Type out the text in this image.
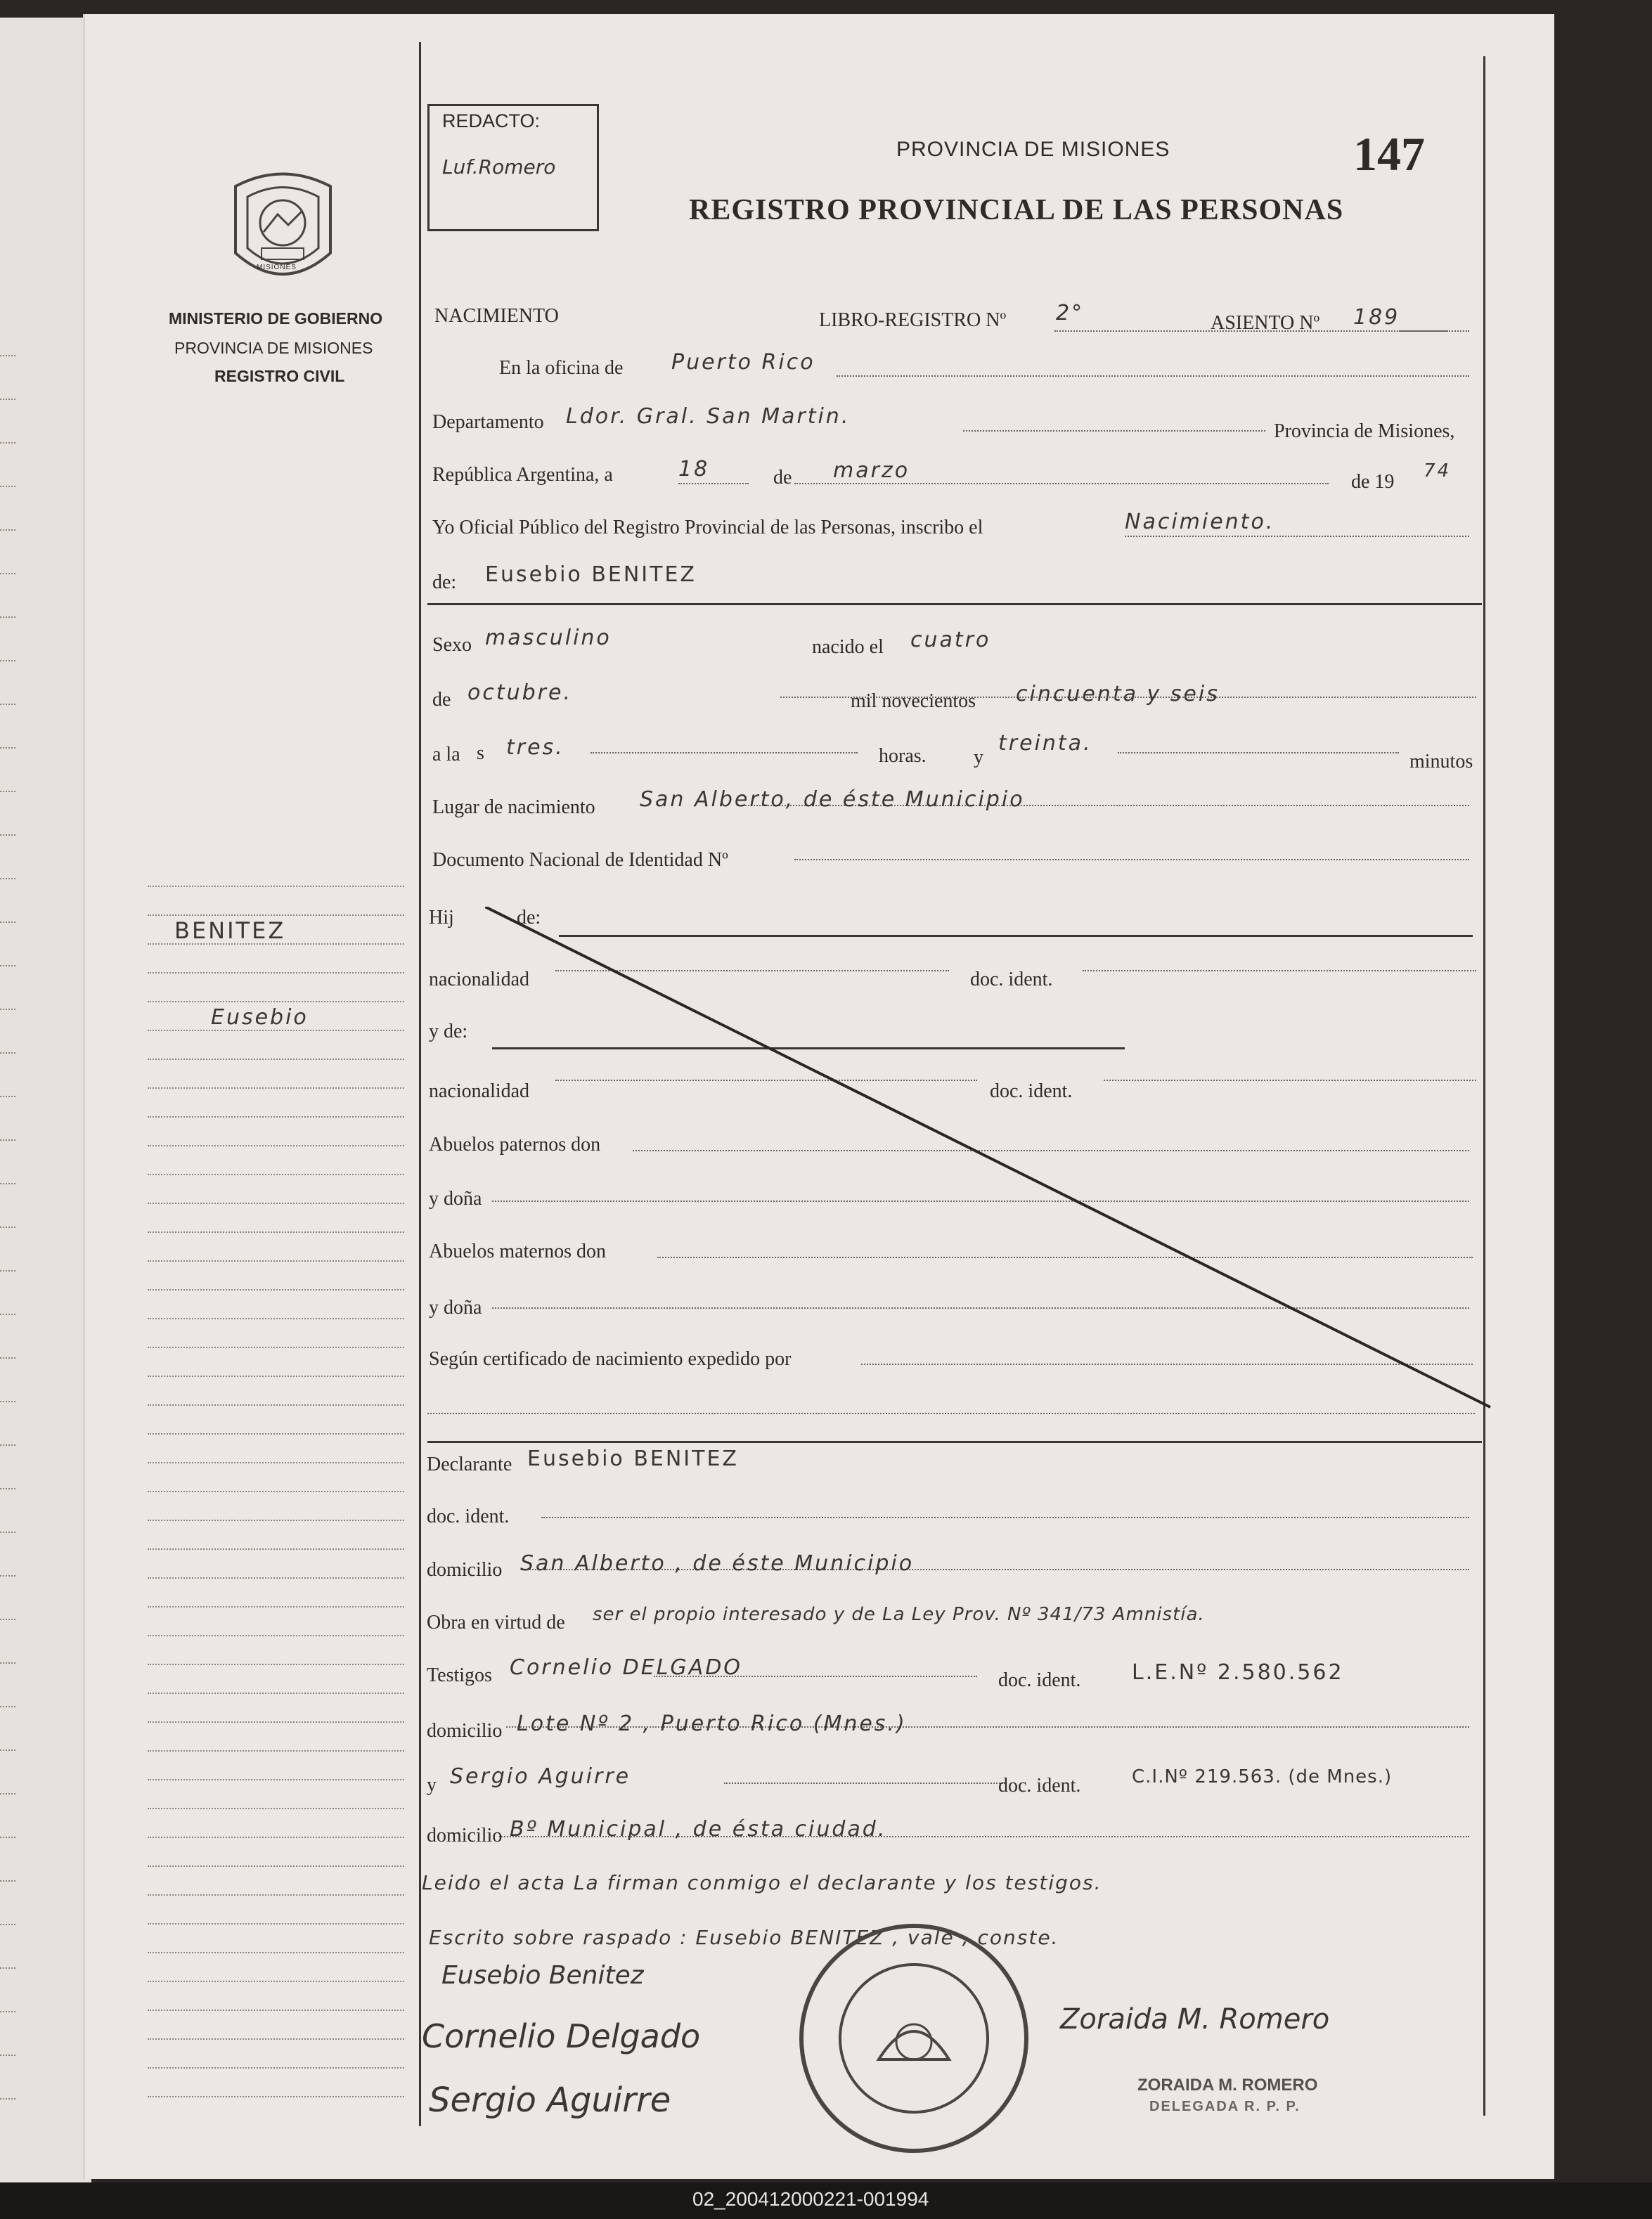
MISIONES
MINISTERIO DE GOBIERNO
PROVINCIA DE MISIONES
REGISTRO CIVIL
BENITEZ
Eusebio
REDACTO:
Luf.Romero
PROVINCIA DE MISIONES
REGISTRO PROVINCIAL DE LAS PERSONAS
147
NACIMIENTO	LIBRO-REGISTRO Nº 2°	ASIENTO Nº 189
En la oficina de Puerto Rico
Departamento Ldor. Gral. San Martin.
Provincia de Misiones,
República Argentina, a	18	de marzo	de 19 74
Yo Oficial Público del Registro Provincial de las Personas, inscribo el	Nacimiento.
de: Eusebio BENITEZ
Sexo masculino	nacido el cuatro
de octubre.	mil novecientos cincuenta y seis
a la s tres.	horas. y
treinta.
minutos
Lugar de nacimiento San Alberto, de éste Municipio
Documento Nacional de Identidad Nº
Hij	de:
nacionalidad	doc. ident.
y de:
nacionalidad	doc. ident.
Abuelos paternos don
y doña
Abuelos maternos don
y doña
Según certificado de nacimiento expedido por
Declarante Eusebio BENITEZ
doc. ident.
domicilio San Alberto , de éste Municipio
Obra en virtud de ser el propio interesado y de La Ley Prov. Nº 341/73 Amnistía.
Testigos Cornelio DELGADO
doc. ident. L.E.Nº 2.580.562
domicilio Lote Nº 2 , Puerto Rico (Mnes.)
y Sergio Aguirre	doc. ident.	C.I.Nº 219.563. (de Mnes.)
domicilio Bº Municipal , de ésta ciudad.
Leido el acta La firman conmigo el declarante y los testigos.
Escrito sobre raspado : Eusebio BENITEZ , vale , conste.
Eusebio Benitez
Cornelio Delgado
Sergio Aguirre
Zoraida M. Romero
ZORAIDA M. ROMERO
DELEGADA R. P. P.
02_200412000221-001994
